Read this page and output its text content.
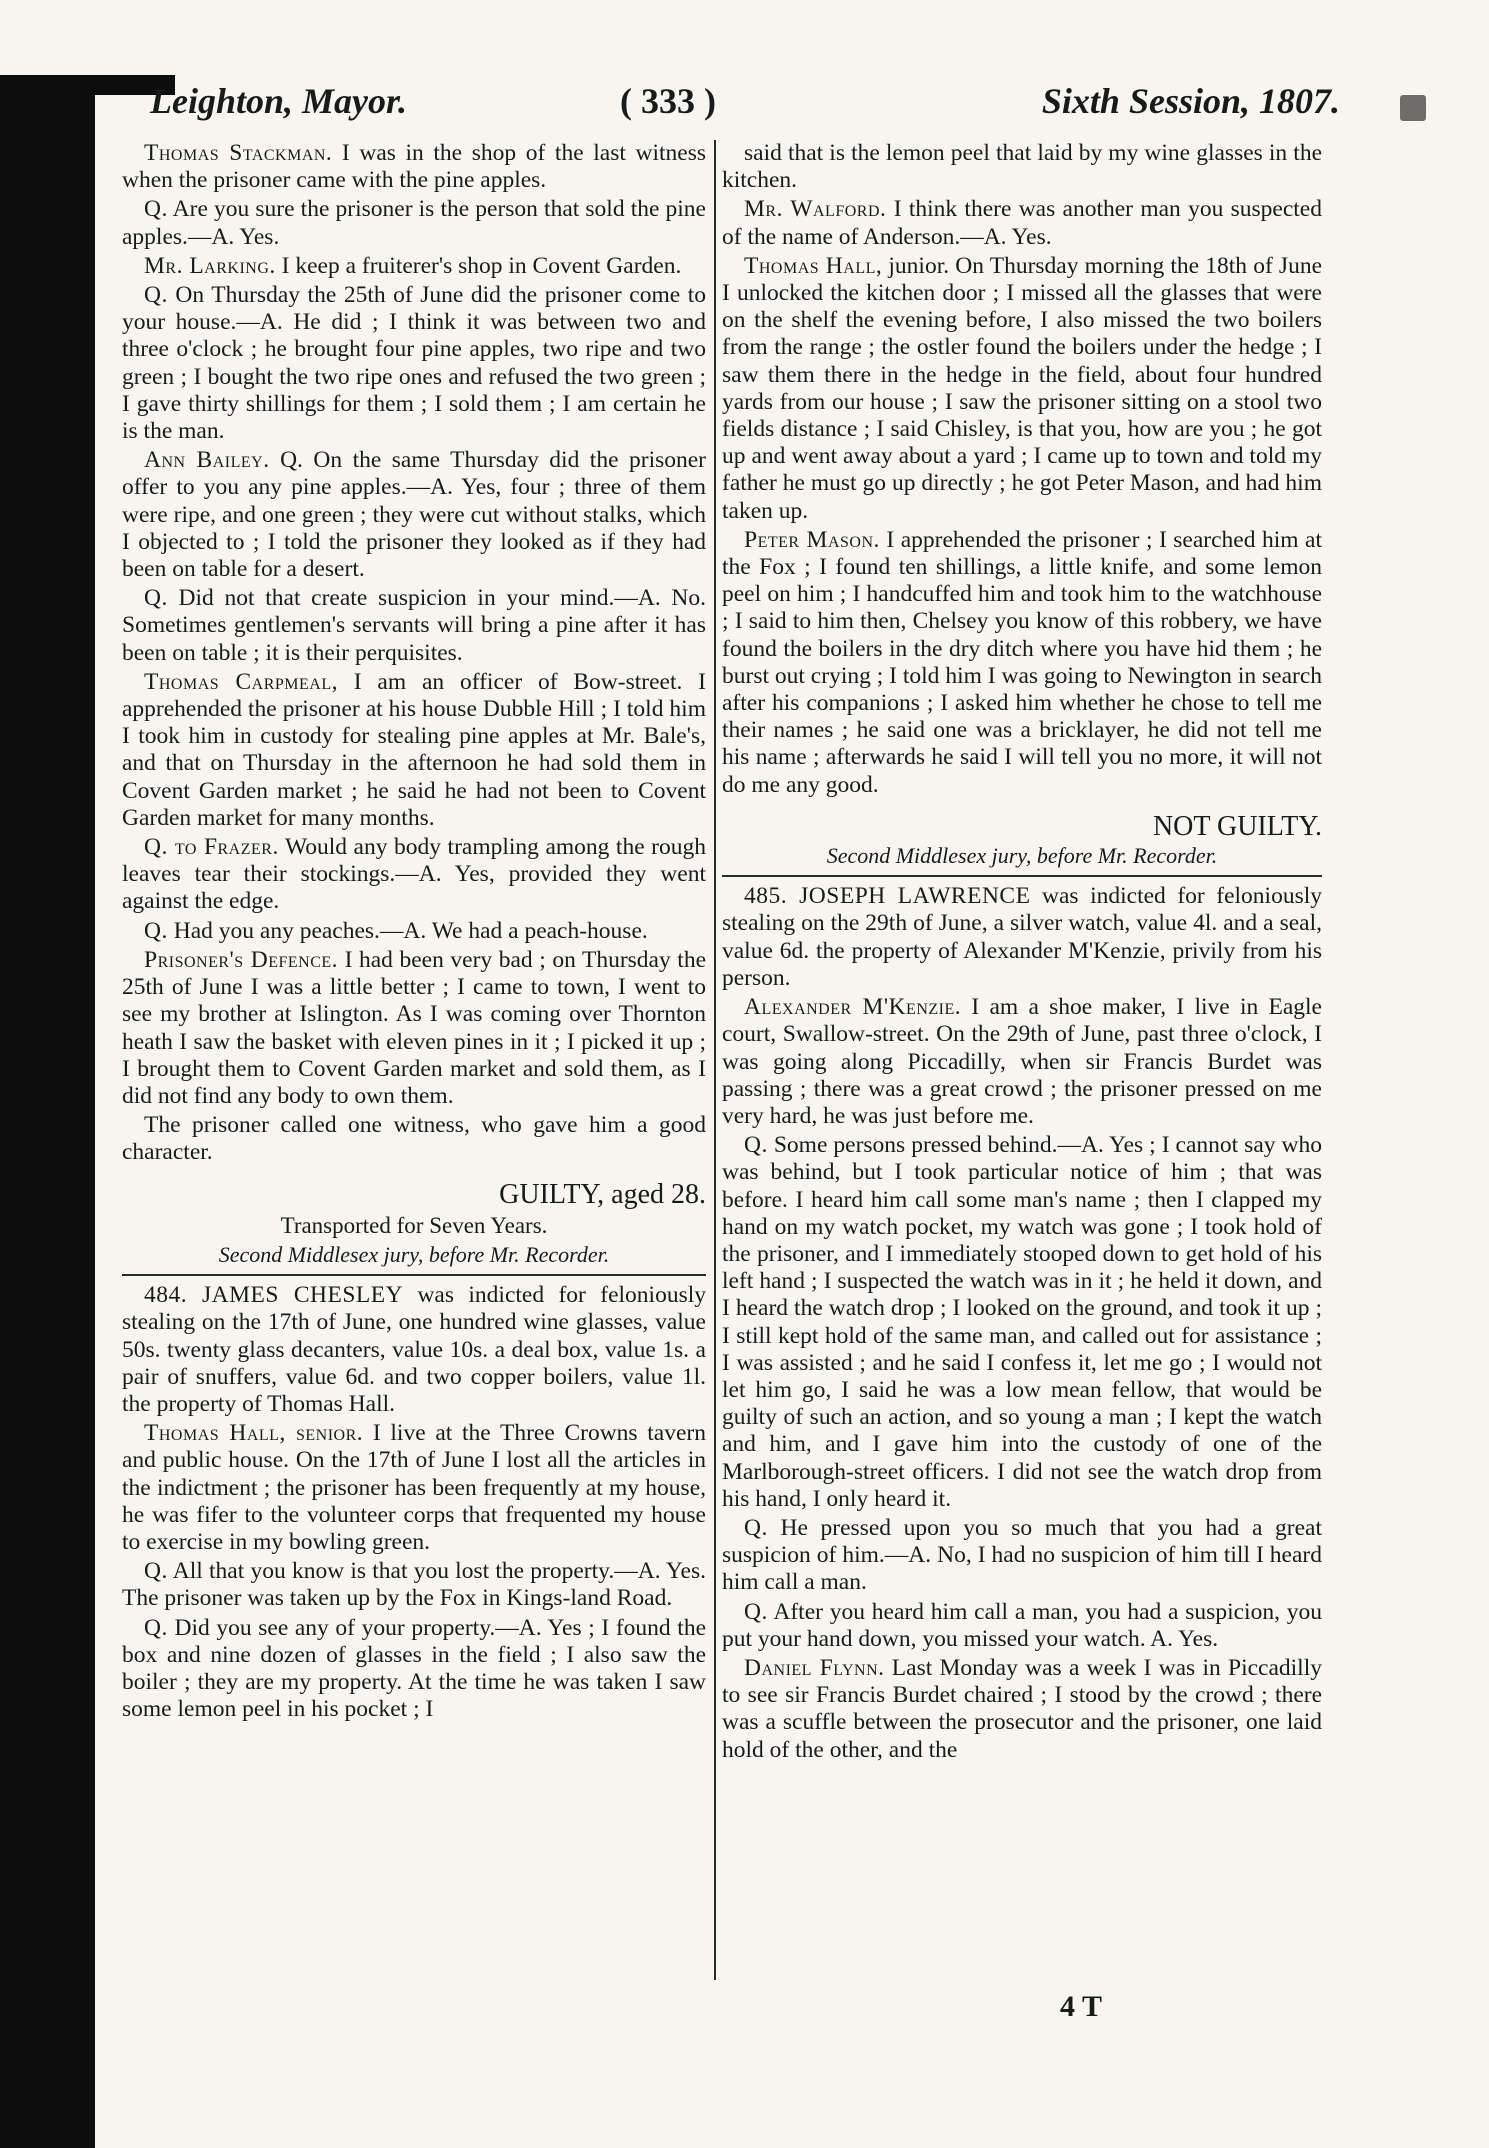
Leighton, Mayor.	( 333 )	Sixth Session, 1807.

Thomas Stackman. I was in the shop of the last witness when the prisoner came with the pine apples.

Q. Are you sure the prisoner is the person that sold the pine apples.—A. Yes.

Mr. Larking. I keep a fruiterer's shop in Covent Garden.

Q. On Thursday the 25th of June did the prisoner come to your house.—A. He did ; I think it was between two and three o'clock ; he brought four pine apples, two ripe and two green ; I bought the two ripe ones and refused the two green ; I gave thirty shillings for them ; I sold them ; I am certain he is the man.

Ann Bailey. Q. On the same Thursday did the prisoner offer to you any pine apples.—A. Yes, four ; three of them were ripe, and one green ; they were cut without stalks, which I objected to ; I told the prisoner they looked as if they had been on table for a desert.

Q. Did not that create suspicion in your mind.—A. No. Sometimes gentlemen's servants will bring a pine after it has been on table ; it is their perquisites.

Thomas Carpmeal, I am an officer of Bow-street. I apprehended the prisoner at his house Dubble Hill ; I told him I took him in custody for stealing pine apples at Mr. Bale's, and that on Thursday in the afternoon he had sold them in Covent Garden market ; he said he had not been to Covent Garden market for many months.

Q. to Frazer. Would any body trampling among the rough leaves tear their stockings.—A. Yes, provided they went against the edge.

Q. Had you any peaches.—A. We had a peach-house.

Prisoner's Defence. I had been very bad ; on Thursday the 25th of June I was a little better ; I came to town, I went to see my brother at Islington. As I was coming over Thornton heath I saw the basket with eleven pines in it ; I picked it up ; I brought them to Covent Garden market and sold them, as I did not find any body to own them.

The prisoner called one witness, who gave him a good character.

GUILTY, aged 28.
Transported for Seven Years.
Second Middlesex jury, before Mr. Recorder.

484. JAMES CHESLEY was indicted for feloniously stealing on the 17th of June, one hundred wine glasses, value 50s. twenty glass decanters, value 10s. a deal box, value 1s. a pair of snuffers, value 6d. and two copper boilers, value 1l. the property of Thomas Hall.

Thomas Hall, senior. I live at the Three Crowns tavern and public house. On the 17th of June I lost all the articles in the indictment ; the prisoner has been frequently at my house, he was fifer to the volunteer corps that frequented my house to exercise in my bowling green.

Q. All that you know is that you lost the property.—A. Yes. The prisoner was taken up by the Fox in Kings-land Road.

Q. Did you see any of your property.—A. Yes ; I found the box and nine dozen of glasses in the field ; I also saw the boiler ; they are my property. At the time he was taken I saw some lemon peel in his pocket ; I

said that is the lemon peel that laid by my wine glasses in the kitchen.

Mr. Walford. I think there was another man you suspected of the name of Anderson.—A. Yes.

Thomas Hall, junior. On Thursday morning the 18th of June I unlocked the kitchen door ; I missed all the glasses that were on the shelf the evening before, I also missed the two boilers from the range ; the ostler found the boilers under the hedge ; I saw them there in the hedge in the field, about four hundred yards from our house ; I saw the prisoner sitting on a stool two fields distance ; I said Chisley, is that you, how are you ; he got up and went away about a yard ; I came up to town and told my father he must go up directly ; he got Peter Mason, and had him taken up.

Peter Mason. I apprehended the prisoner ; I searched him at the Fox ; I found ten shillings, a little knife, and some lemon peel on him ; I handcuffed him and took him to the watchhouse ; I said to him then, Chelsey you know of this robbery, we have found the boilers in the dry ditch where you have hid them ; he burst out crying ; I told him I was going to Newington in search after his companions ; I asked him whether he chose to tell me their names ; he said one was a bricklayer, he did not tell me his name ; afterwards he said I will tell you no more, it will not do me any good.

NOT GUILTY.
Second Middlesex jury, before Mr. Recorder.

485. JOSEPH LAWRENCE was indicted for feloniously stealing on the 29th of June, a silver watch, value 4l. and a seal, value 6d. the property of Alexander M'Kenzie, privily from his person.

Alexander M'Kenzie. I am a shoe maker, I live in Eagle court, Swallow-street. On the 29th of June, past three o'clock, I was going along Piccadilly, when sir Francis Burdet was passing ; there was a great crowd ; the prisoner pressed on me very hard, he was just before me.

Q. Some persons pressed behind.—A. Yes ; I cannot say who was behind, but I took particular notice of him ; that was before. I heard him call some man's name ; then I clapped my hand on my watch pocket, my watch was gone ; I took hold of the prisoner, and I immediately stooped down to get hold of his left hand ; I suspected the watch was in it ; he held it down, and I heard the watch drop ; I looked on the ground, and took it up ; I still kept hold of the same man, and called out for assistance ; I was assisted ; and he said I confess it, let me go ; I would not let him go, I said he was a low mean fellow, that would be guilty of such an action, and so young a man ; I kept the watch and him, and I gave him into the custody of one of the Marlborough-street officers. I did not see the watch drop from his hand, I only heard it.

Q. He pressed upon you so much that you had a great suspicion of him.—A. No, I had no suspicion of him till I heard him call a man.

Q. After you heard him call a man, you had a suspicion, you put your hand down, you missed your watch. A. Yes.

Daniel Flynn. Last Monday was a week I was in Piccadilly to see sir Francis Burdet chaired ; I stood by the crowd ; there was a scuffle between the prosecutor and the prisoner, one laid hold of the other, and the

4 T
